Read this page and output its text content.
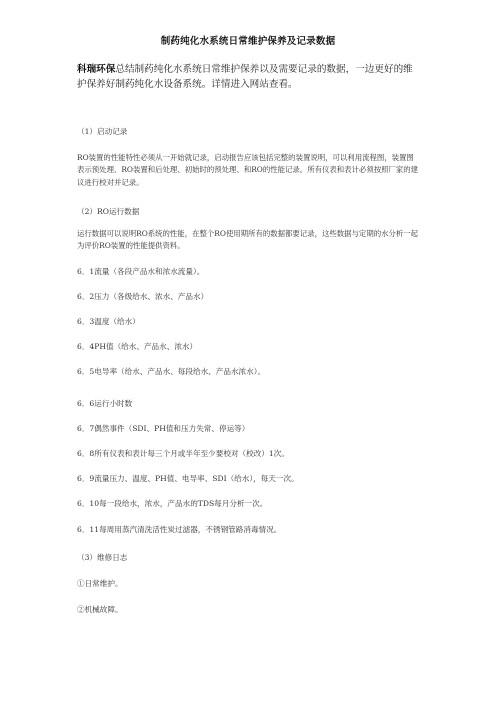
制药纯化水系统日常维护保养及记录数据
科瑞环保总结制药纯化水系统日常维护保养以及需要记录的数据，一边更好的维护保养好制药纯化水设备系统。详情进入网站查看。
（1）启动记录
RO装置的性能特性必须从一开始就记录，启动报告应该包括完整的装置说明，可以利用流程图，装置图表示预处理、RO装置和后处理、初始时的预处理、和RO的性能记录。所有仪表和表计必须按照厂家的建议进行校对并记录。
（2）RO运行数据
运行数据可以说明RO系统的性能，在整个RO使用期所有的数据都要记录，这些数据与定期的水分析一起为评价RO装置的性能提供资料。
6．1流量（各段产品水和浓水流量）。
6．2压力（各级给水、浓水、产品水）
6．3温度（给水）
6．4PH值（给水、产品水、浓水）
6．5电导率（给水、产品水、每段给水、产品水浓水）。
6．6运行小时数
6．7偶然事件（SDI、PH值和压力失常、停运等）
6．8所有仪表和表计每三个月或半年至少要校对（校改）1次。
6．9流量压力、温度、PH值、电导率、SDI（给水），每天一次。
6．10每一段给水，浓水，产品水的TDS每月分析一次。
6．11每周用蒸汽清洗活性炭过滤器，不锈钢管路消毒情况。
（3）维修日志
①日常维护。
②机械故障。
